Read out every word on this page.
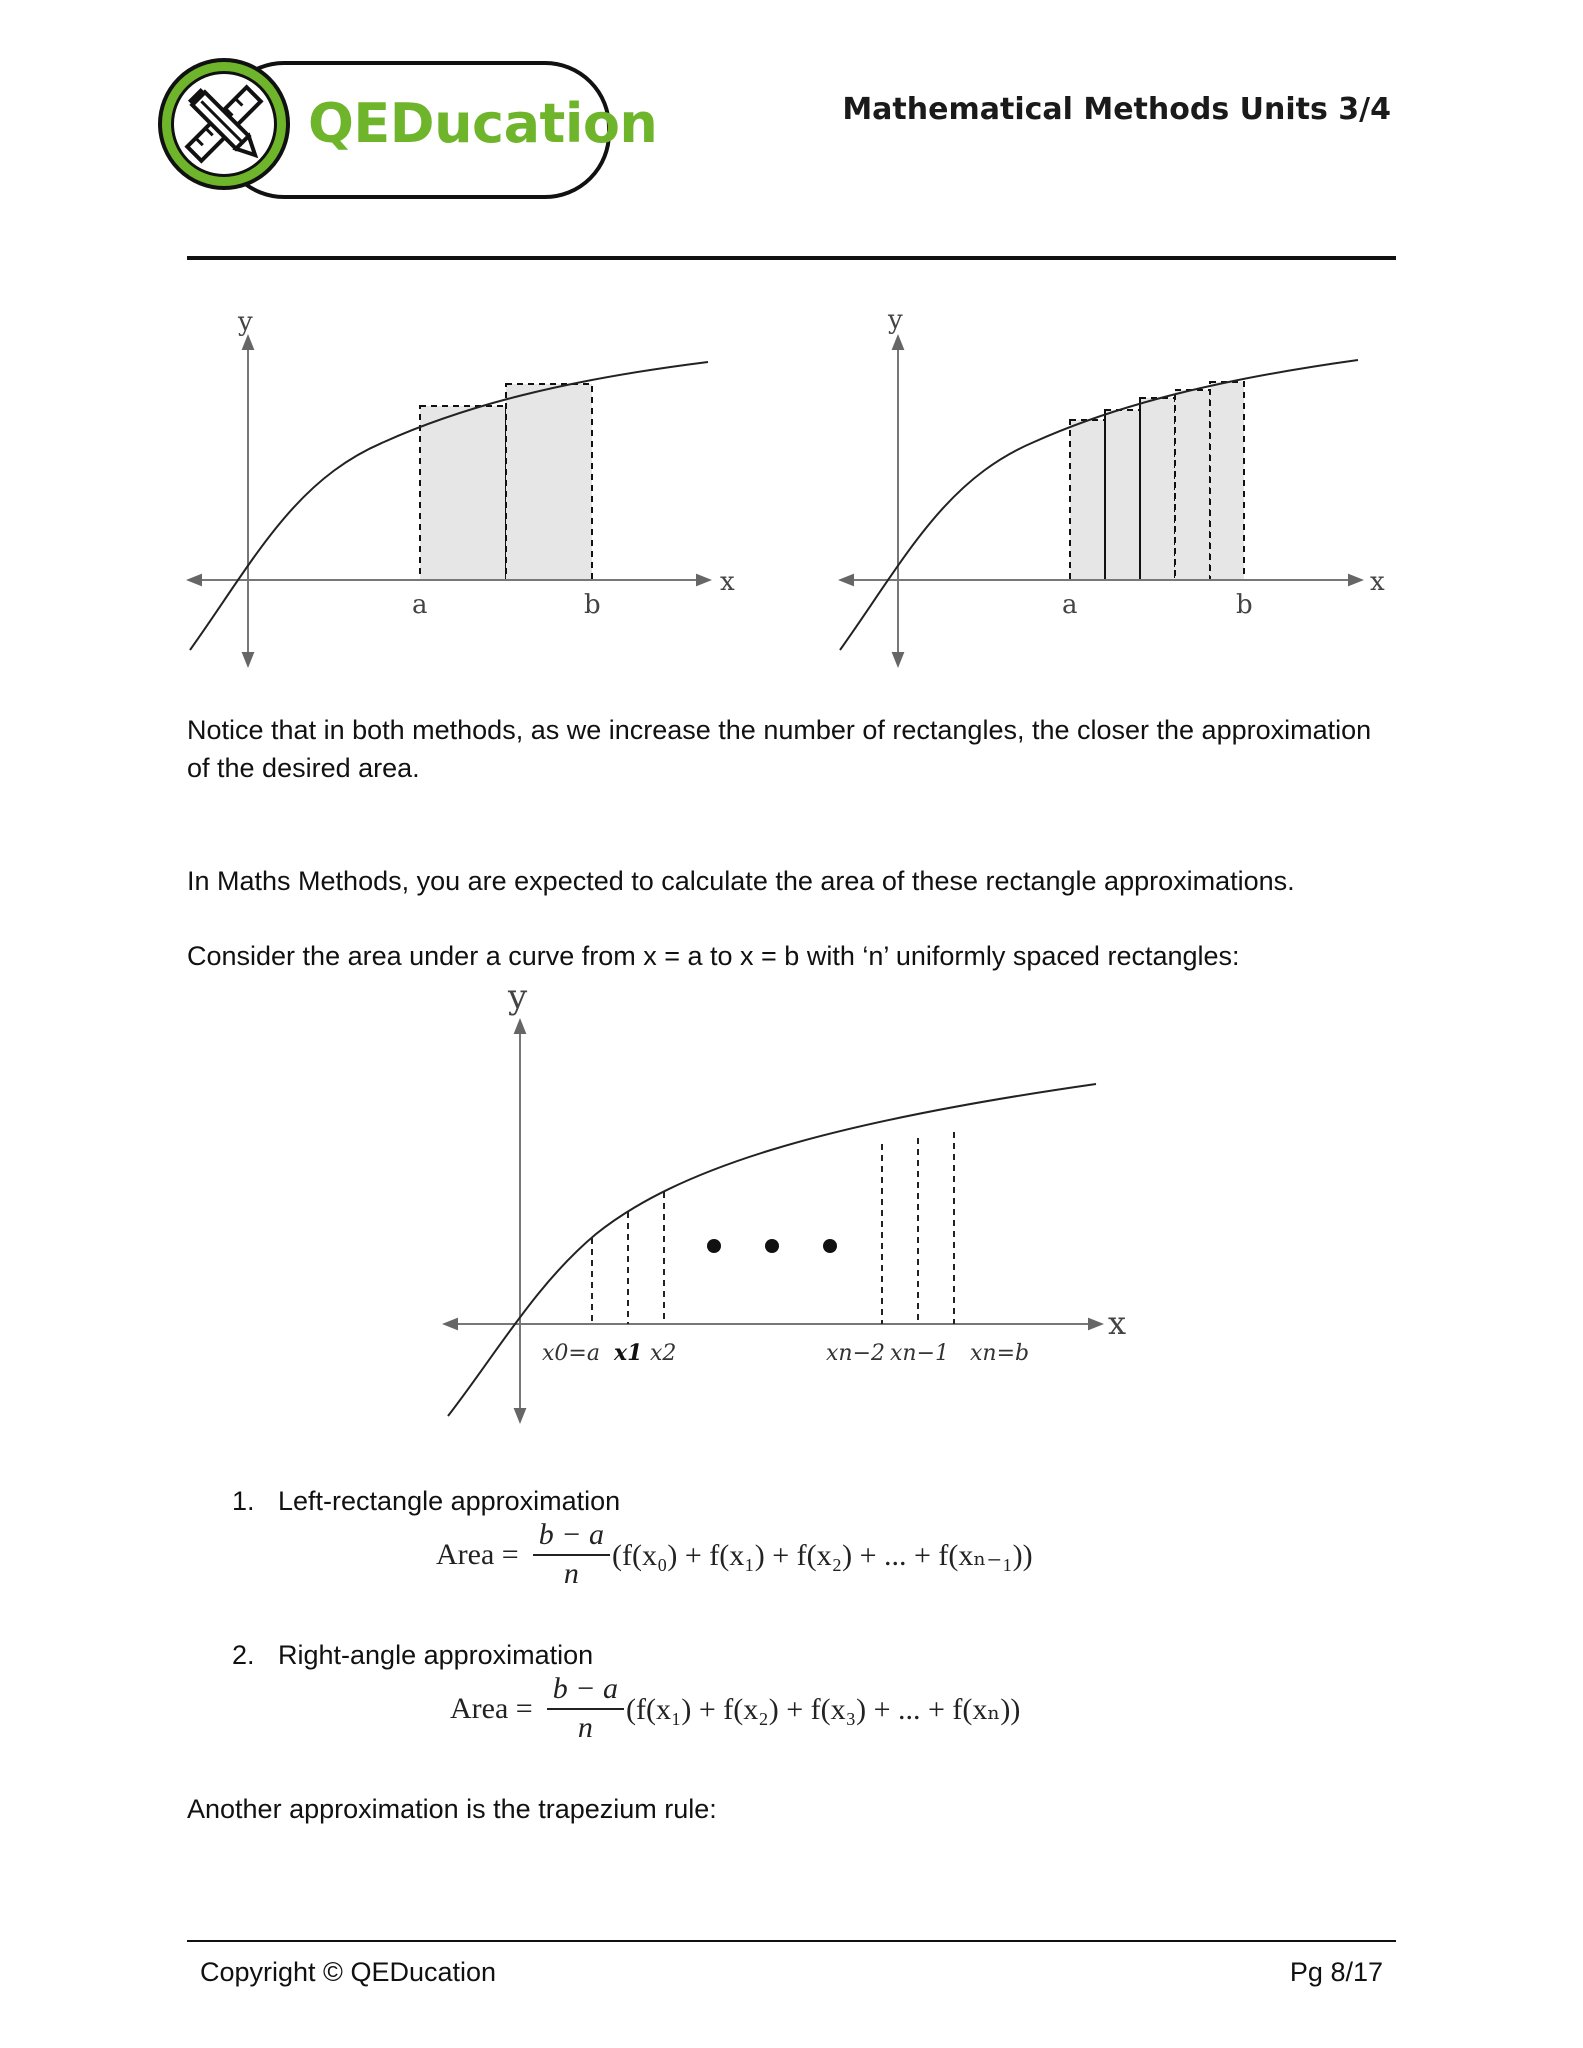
QEDucation	Mathematical Methods Units 3/4
y
x
a	b
y
x
a	b
Notice that in both methods, as we increase the number of rectangles, the closer the approximation of the desired area.
In Maths Methods, you are expected to calculate the area of these rectangle approximations.
Consider the area under a curve from x = a to x = b with ‘n’ uniformly spaced rectangles:
y
x
x0=a x1 x2	xn−2 xn−1 xn=b
1. Left-rectangle approximation
Area = $\frac{b - a}{n} (f(x_0) + f(x_1) + f(x_2)$ + ... + f(xₙ₋₁))
2. Right-angle approximation
Area = $\frac{b - a}{n} (f(x_1) + f(x_2) + f(x_3)$ + ... + f(xₙ))
Another approximation is the trapezium rule:
Copyright © QEDucation	Pg 8/17
